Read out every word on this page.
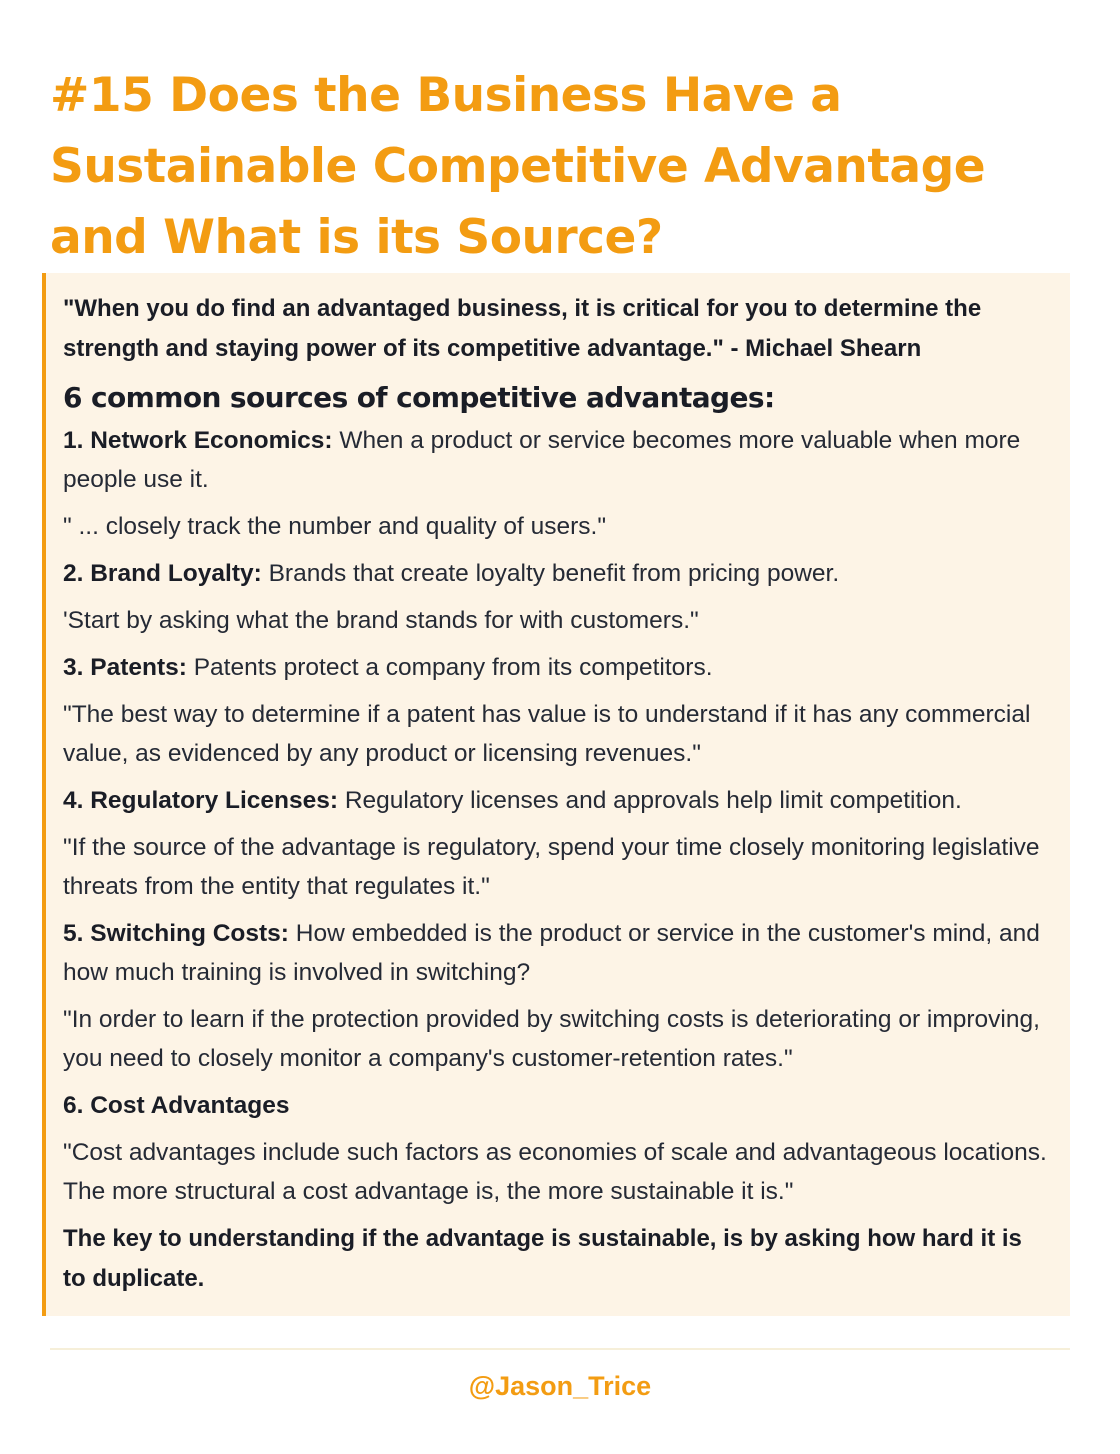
#15 Does the Business Have a Sustainable Competitive Advantage and What is its Source?

"When you do find an advantaged business, it is critical for you to determine the strength and staying power of its competitive advantage." - Michael Shearn

6 common sources of competitive advantages:

1. Network Economics: When a product or service becomes more valuable when more people use it.

" ... closely track the number and quality of users."

2. Brand Loyalty: Brands that create loyalty benefit from pricing power.

'Start by asking what the brand stands for with customers."

3. Patents: Patents protect a company from its competitors.

"The best way to determine if a patent has value is to understand if it has any commercial value, as evidenced by any product or licensing revenues."

4. Regulatory Licenses: Regulatory licenses and approvals help limit competition.

"If the source of the advantage is regulatory, spend your time closely monitoring legislative threats from the entity that regulates it."

5. Switching Costs: How embedded is the product or service in the customer's mind, and how much training is involved in switching?

"In order to learn if the protection provided by switching costs is deteriorating or improving, you need to closely monitor a company's customer-retention rates."

6. Cost Advantages

"Cost advantages include such factors as economies of scale and advantageous locations. The more structural a cost advantage is, the more sustainable it is."

The key to understanding if the advantage is sustainable, is by asking how hard it is to duplicate.

@Jason_Trice
